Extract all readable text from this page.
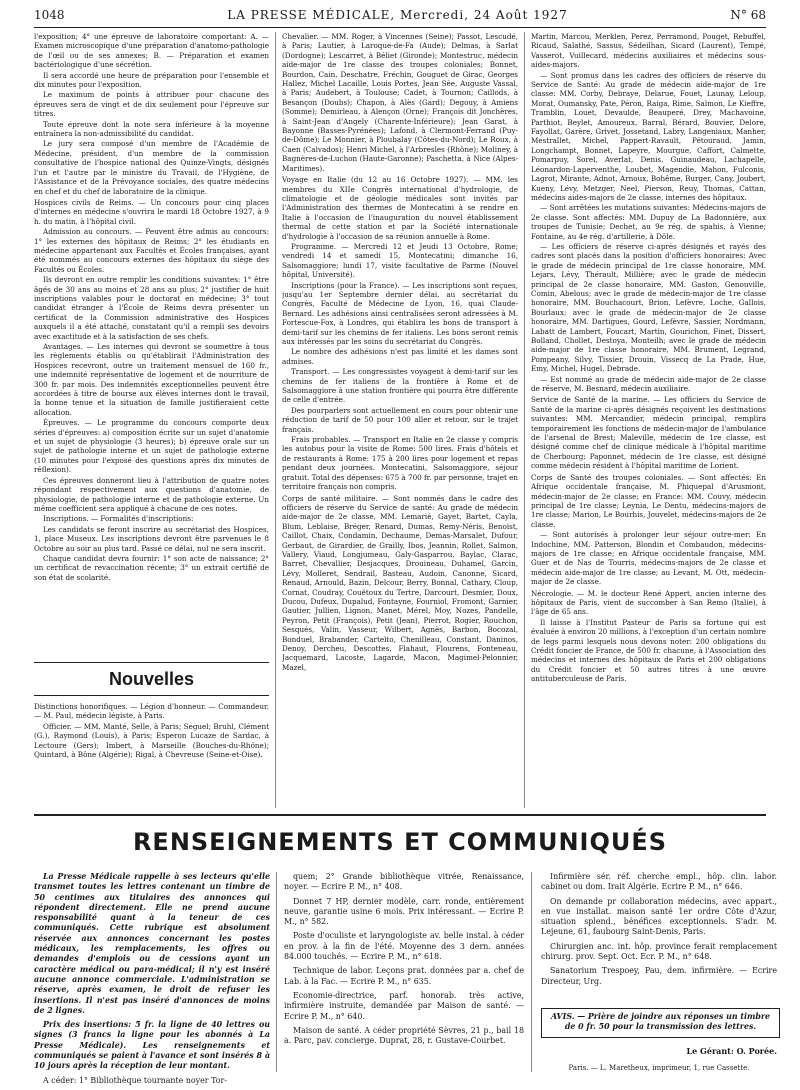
1048	LA PRESSE MÉDICALE, Mercredi, 24 Août 1927	N° 68

l'exposition; 4° une épreuve de laboratoire comportant: A. — Examen microscopique d'une préparation d'anatomo-pathologie de l'œil ou de ses annexes; B. — Préparation et examen bactériologique d'une sécrétion.

Il sera accordé une heure de préparation pour l'ensemble et dix minutes pour l'exposition.

Le maximum de points à attribuer pour chacune des épreuves sera de vingt et de dix seulement pour l'épreuve sur titres.

Toute épreuve dont la note sera inférieure à la moyenne entraînera la non-admissibilité du candidat.

Le jury sera composé d'un membre de l'Académie de Médecine, président, d'un membre de la commission consultative de l'hospice national des Quinze-Vingts, désignés l'un et l'autre par le ministre du Travail, de l'Hygiène, de l'Assistance et de la Prévoyance sociales, des quatre médecins en chef et du chef de laboratoire de la clinique.

Hospices civils de Reims. — Un concours pour cinq places d'internes en médecine s'ouvrira le mardi 18 Octobre 1927, à 9 h. du matin, à l'hôpital civil.

Admission au concours. — Peuvent être admis au concours: 1° les externes des hôpitaux de Reims; 2° les étudiants en médecine appartenant aux Facultés et Écoles françaises, ayant été nommés au concours externes des hôpitaux du siège des Facultés ou Écoles.

Ils devront en outre remplir les conditions suivantes: 1° être âgés de 30 ans au moins et 28 ans au plus; 2° justifier de huit inscriptions valables pour le doctorat en médecine; 3° tout candidat étranger à l'École de Reims devra présenter un certificat de la Commission administrative des Hospices auxquels il a été attaché, constatant qu'il a rempli ses devoirs avec exactitude et à la satisfaction de ses chefs.

Avantages. — Les internes qui devront se soumettre à tous les règlements établis ou qu'établirait l'Administration des Hospices recevront, outre un traitement mensuel de 160 fr., une indemnité représentative de logement et de nourriture de 300 fr. par mois. Des indemnités exceptionnelles peuvent être accordées à titre de bourse aux élèves internes dont le travail, la bonne tenue et la situation de famille justifieraient cette allocation.

Épreuves. — Le programme du concours comporte deux séries d'épreuves: a) composition écrite sur un sujet d'anatomie et un sujet de physiologie (3 heures); b) épreuve orale sur un sujet de pathologie interne et un sujet de pathologie externe (10 minutes pour l'exposé des questions après dix minutes de réflexion).

Ces épreuves donneront lieu à l'attribution de quatre notes répondant respectivement aux questions d'anatomie, de physiologie, de pathologie interne et de pathologie externe. Un même coefficient sera appliqué à chacune de ces notes.

Inscriptions. — Formalités d'inscriptions:

Les candidats se feront inscrire au secrétariat des Hospices, 1, place Museux. Les inscriptions devront être parvenues le 8 Octobre au soir au plus tard. Passé ce délai, nul ne sera inscrit.

Chaque candidat devra fournir: 1° son acte de naissance; 2° un certificat de revaccination récente; 3° un extrait certifié de son état de scolarité.

Nouvelles

Distinctions honorifiques. — Légion d'honneur. — Commandeur. — M. Paul, médecin légiste, à Paris.

Officier. — MM. Manté, Selle, à Paris; Seguel; Bruhl, Clément (G.), Raymond (Louis), à Paris; Esperon Lucaze de Sardac, à Lectoure (Gers); Imbert, à Marseille (Bouches-du-Rhône); Quintard, à Bône (Algérie); Rigal, à Chevreuse (Seine-et-Oise).

Chevalier. — MM. Roger, à Vincennes (Seine); Passot, Lescudé, à Paris; Lautier, à Laroque-de-Fa (Aude); Delmas, à Sarlat (Dordogne); Lescarret, à Béliet (Gironde); Montestruc, médecin aide-major de 1re classe des troupes coloniales; Bonnet, Bourdon, Cain, Deschatre, Fréchin, Gouguet de Girac, Georges Hallez, Michel Lacaille, Louis Portes, Jean Sée, Auguste Vassal, à Paris; Audebert, à Toulouse; Cadet, à Tournon; Caillods, à Besançon (Doubs); Chapon, à Alès (Gard); Degouy, à Amiens (Somme); Demirleau, à Alençon (Orne); François dit Jonchères, à Saint-Jean d'Angely (Charente-Inférieure); Jean Garat, à Bayonne (Basses-Pyrénées); Lafond, à Clermont-Ferrand (Puy-de-Dôme); Le Monnier, à Ploubalay (Côtes-du-Nord); Le Roux, à Caen (Calvados); Henri Michel, à l'Arbresles (Rhône); Moliney, à Bagnères-de-Luchon (Haute-Garonne); Paschetta, à Nice (Alpes-Maritimes).

Voyage en Italie (du 12 au 16 Octobre 1927). — MM. les membres du XIIe Congrès international d'hydrologie, de climatologie et de géologie médicales sont invités par l'Administration des thermes de Montecatini à se rendre en Italie à l'occasion de l'inauguration du nouvel établissement thermal de cette station et par la Société internationale d'hydrologie à l'occasion de sa réunion annuelle à Rome.

Programme. — Mercredi 12 et Jeudi 13 Octobre, Rome; vendredi 14 et samedi 15, Montecatini; dimanche 16, Salsomaggiore; lundi 17, visite facultative de Parme (Nouvel hôpital, Université).

Inscriptions (pour la France). — Les inscriptions sont reçues, jusqu'au 1er Septembre dernier délai, au secrétariat du Congrès, Faculté de Médecine de Lyon, 16, quai Claude-Bernard. Les adhésions ainsi centralisées seront adressées à M. Fortescue-Fox, à Londres, qui établira les bons de transport à demi-tarif sur les chemins de fer italiens. Les bons seront remis aux intéressés par les soins du secrétariat du Congrès.

Le nombre des adhésions n'est pas limité et les dames sont admises.

Transport. — Les congressistes voyagent à demi-tarif sur les chemins de fer italiens de la frontière à Rome et de Salsomaggiore à une station frontière qui pourra être différente de celle d'entrée.

Des pourparlers sont actuellement en cours pour obtenir une réduction de tarif de 50 pour 100 aller et retour, sur le trajet français.

Frais probables. — Transport en Italie en 2e classe y compris les autobus pour la visite de Rome: 500 lires. Frais d'hôtels et de restaurants à Rome: 175 à 200 lires pour logement et repas pendant deux journées. Montecatini, Salsomaggiore, séjour gratuit. Total des dépenses: 675 à 700 fr. par personne, trajet en territoire français non compris.

Corps de santé militaire. — Sont nommés dans le cadre des officiers de réserve du Service de santé: Au grade de médecin aide-major de 2e classe, MM. Lemarié, Gayet, Bartet, Cayla, Blum, Leblaise, Bréger, Renard, Dumas, Remy-Néris, Benoist, Caillot, Chaix, Condamin, Dechaume, Demas-Marsalet, Dufour, Gerbaut, de Girardier, de Grailly, Ibos, Jeannin, Rollet, Salmon, Vallery, Viaud, Longjumeau, Galy-Gasparrou, Baylac, Clarac, Barret, Chevallier, Desjacques, Drouineau, Duhamel, Garcin, Lévy, Molleret, Sendrail, Basteau, Audoin, Canonne, Sicard, Renaud, Arnould, Bazin, Delcour, Berry, Bonnal, Cathary, Cloup, Cornat, Coudray, Couëtoux du Tertre, Darcourt, Desmier, Doux, Ducou, Dufeux, Dupalud, Fontayne, Fourniol, Fromont, Garnier, Gautier, Jullien, Lignon, Manet, Mérel, Moy, Nozes, Pandelle, Peyron, Petit (François), Petit (Jean), Pierrot, Rogier, Rouchon, Sesqués, Valin, Vasseur, Wilbert, Agnès, Barbon, Bocozal, Bonduel, Brabander, Cartelto, Chenilleau, Constant, Daninos, Denoy, Dercheu, Descottes, Flahaut, Flourens, Fonteneau, Jacquemard, Lacoste, Lagarde, Macon, Magimel-Pelonnier, Mazel,

Martin, Marcou, Merklen, Perez, Perramond, Pouget, Rebuffel, Ricaud, Salathé, Sassus, Sédeilhan, Sicard (Laurent), Tempé, Vasserot, Vuillecard, médecins auxiliaires et médecins sous-aides-majors.

— Sont promus dans les cadres des officiers de réserve du Service de Santé: Au grade de médecin aide-major de 1re classe: MM. Corby, Debraye, Delarue, Fouet, Launay, Leloup, Morat, Oumansky, Pate, Péron, Raiga, Rime, Salmon, Le Kieffre, Tramblin, Louet, Devaulde, Beauperé, Drey, Machavoine, Parthiot, Beylet, Amoureux, Barral, Bérard, Bouvier, Delore, Fayollat, Garère, Grivet, Jossetand, Labry, Langeniaux, Manher, Mestrallet, Michel, Pappert-Ravault, Pétouraud, Jamin, Longchampt, Bonnet, Lapeyre, Mourgue, Caffort, Calmette, Pomarpuy, Sorel, Averlat, Denis, Guinaudeau, Lachapelle, Léonardon-Laperventhe, Loubet, Magendie, Mahon, Fulconis, Lagrot, Mirante, Adnot, Arnoux, Bohême, Burger, Cany, Joubert, Kueny, Lévy, Metzger, Neel, Pierson, Reuy, Thomas, Cattan, médecins aides-majors de 2e classe, internes des hôpitaux.

— Sont arrêtées les mutations suivantes: Médecins-majors de 2e classe. Sont affectés: MM. Dupuy de La Badonnière, aux troupes de Tunisie; Dechet, au 9e rég. de spahis, à Vienne; Fontaine, au 4e rég. d'artillerie, à Dôle.

— Les officiers de réserve ci-après désignés et rayés des cadres sont placés dans la position d'officiers honoraires: Avec le grade de médecin principal de 1re classe honoraire, MM. Lejars, Lévy, Thérault, Millière; avec le grade de médecin principal de 2e classe honoraire, MM. Gaston, Genouville, Comin, Abelous; avec le grade de médecin-major de 1re classe honoraire, MM. Bouchacourt, Brion, Lefèvre, Loche, Gallois, Bourlaux; avec le grade de médecin-major de 2e classe honoraire, MM. Dartigues, Gourd, Lefèvre, Sassier, Nordmann, Labatt de Lambert, Foucart, Martin, Gourichon, Finet, Dissert, Bolland, Chollet, Destoya, Monteilh; avec le grade de médecin aide-major de 1re classe honoraire, MM. Brument, Legrand, Pompeany, Silvy, Tissier, Drouin, Vissecq de La Prade, Hue, Emy, Michel, Hugel, Debrade.

— Est nommé au grade de médecin aide-major de 2e classe de réserve, M. Besnard, médecin auxiliaire.

Service de Santé de la marine. — Les officiers du Service de Santé de la marine ci-après désignés reçoivent les destinations suivantes: MM. Mercandier, médecin principal, remplira temporairement les fonctions de médecin-major de l'ambulance de l'arsenal de Brest; Maleville, médecin de 1re classe, est désigné comme chef de clinique médicale à l'hôpital maritime de Cherbourg; Paponnet, médecin de 1re classe, est désigné comme médecin résident à l'hôpital maritime de Lorient.

Corps de Santé des troupes coloniales. — Sont affectés: En Afrique occidentale française, M. Phiquepal d'Arusmont, médecin-major de 2e classe; en France: MM. Couvy, médecin principal de 1re classe; Leynia, Le Dentu, médecins-majors de 1re classe; Marion, Le Bourhis, Jouvelet, médecins-majors de 2e classe.

— Sont autorisés à prolonger leur séjour outre-mer: En Indochine, MM. Patterson, Blondin et Combaudon, médecins-majors de 1re classe; en Afrique occidentale française, MM. Guer et de Nas de Tourris, médecins-majors de 2e classe et médecin aide-major de 1re classe; au Levant, M. Ott, médecin-major de 2e classe.

Nécrologie. — M. le docteur René Appert, ancien interne des hôpitaux de Paris, vient de succomber à San Remo (Italie), à l'âge de 65 ans.

Il laisse à l'Institut Pasteur de Paris sa fortune qui est évaluée à environ 20 millions, à l'exception d'un certain nombre de legs parmi lesquels nous devons noter: 200 obligations du Crédit foncier de France, de 500 fr. chacune, à l'Association des médecins et internes des hôpitaux de Paris et 200 obligations du Crédit foncier et 50 autres titres à une œuvre antituberculeuse de Paris.

RENSEIGNEMENTS ET COMMUNIQUÉS

La Presse Médicale rappelle à ses lecteurs qu'elle transmet toutes les lettres contenant un timbre de 50 centimes aux titulaires des annonces qui répondent directement. Elle ne prend aucune responsabilité quant à la teneur de ces communiqués. Cette rubrique est absolument réservée aux annonces concernant les postes médicaux, les remplacements, les offres ou demandes d'emplois ou de cessions ayant un caractère médical ou para-médical; il n'y est inséré aucune annonce commerciale. L'administration se réserve, après examen, le droit de refuser les insertions. Il n'est pas inséré d'annonces de moins de 2 lignes.

Prix des insertions: 5 fr. la ligne de 40 lettres ou signes (3 francs la ligne pour les abonnés à La Presse Médicale). Les renseignements et communiqués se paient à l'avance et sont insérés 8 à 10 jours après la réception de leur montant.

A céder: 1° Bibliothèque tournante noyer Tor-

quem; 2° Grande bibliothèque vitrée, Renaissance, noyer. — Ecrire P. M., n° 408.

Donnet 7 HP, dernier modèle, carr. ronde, entièrement neuve, garantie usine 6 mois. Prix intéressant. — Ecrire P. M., n° 582.

Poste d'oculiste et laryngologiste av. belle instal. à céder en prov. à la fin de l'été. Moyenne des 3 dern. années 84.000 touchés. — Ecrire P. M., n° 618.

Technique de labor. Leçons prat. données par a. chef de Lab. à la Fac. — Ecrire P. M., n° 635.

Economie-directrice, parf. honorab. très active, infirmière instruite, demandée par Maison de santé. — Ecrire P. M., n° 640.

Maison de santé. A céder propriété Sèvres, 21 p., bail 18 a. Parc, pav. concierge. Duprat, 28, r. Gustave-Courbet.

Infirmière sér. réf. cherche empl., hôp. clin. labor. cabinet ou dom. Irait Algérie. Ecrire P. M., n° 646.

On demande pr collaboration médecins, avec appart., en vue installat. maison santé 1er ordre Côte d'Azur, situation splend., bénéfices exceptionnels. S'adr. M. Lejeune, 61, faubourg Saint-Denis, Paris.

Chirurgien anc. int. hôp. province ferait remplacement chirurg. prov. Sept. Oct. Ecr. P. M., n° 648.

Sanatorium Trespoey, Pau, dem. infirmière. — Ecrire Directeur, Urg.

AVIS. — Prière de joindre aux réponses un timbre de 0 fr. 50 pour la transmission des lettres.
Le Gérant: O. Porée.
Paris. — L. Maretheux, imprimeur, 1, rue Cassette.
